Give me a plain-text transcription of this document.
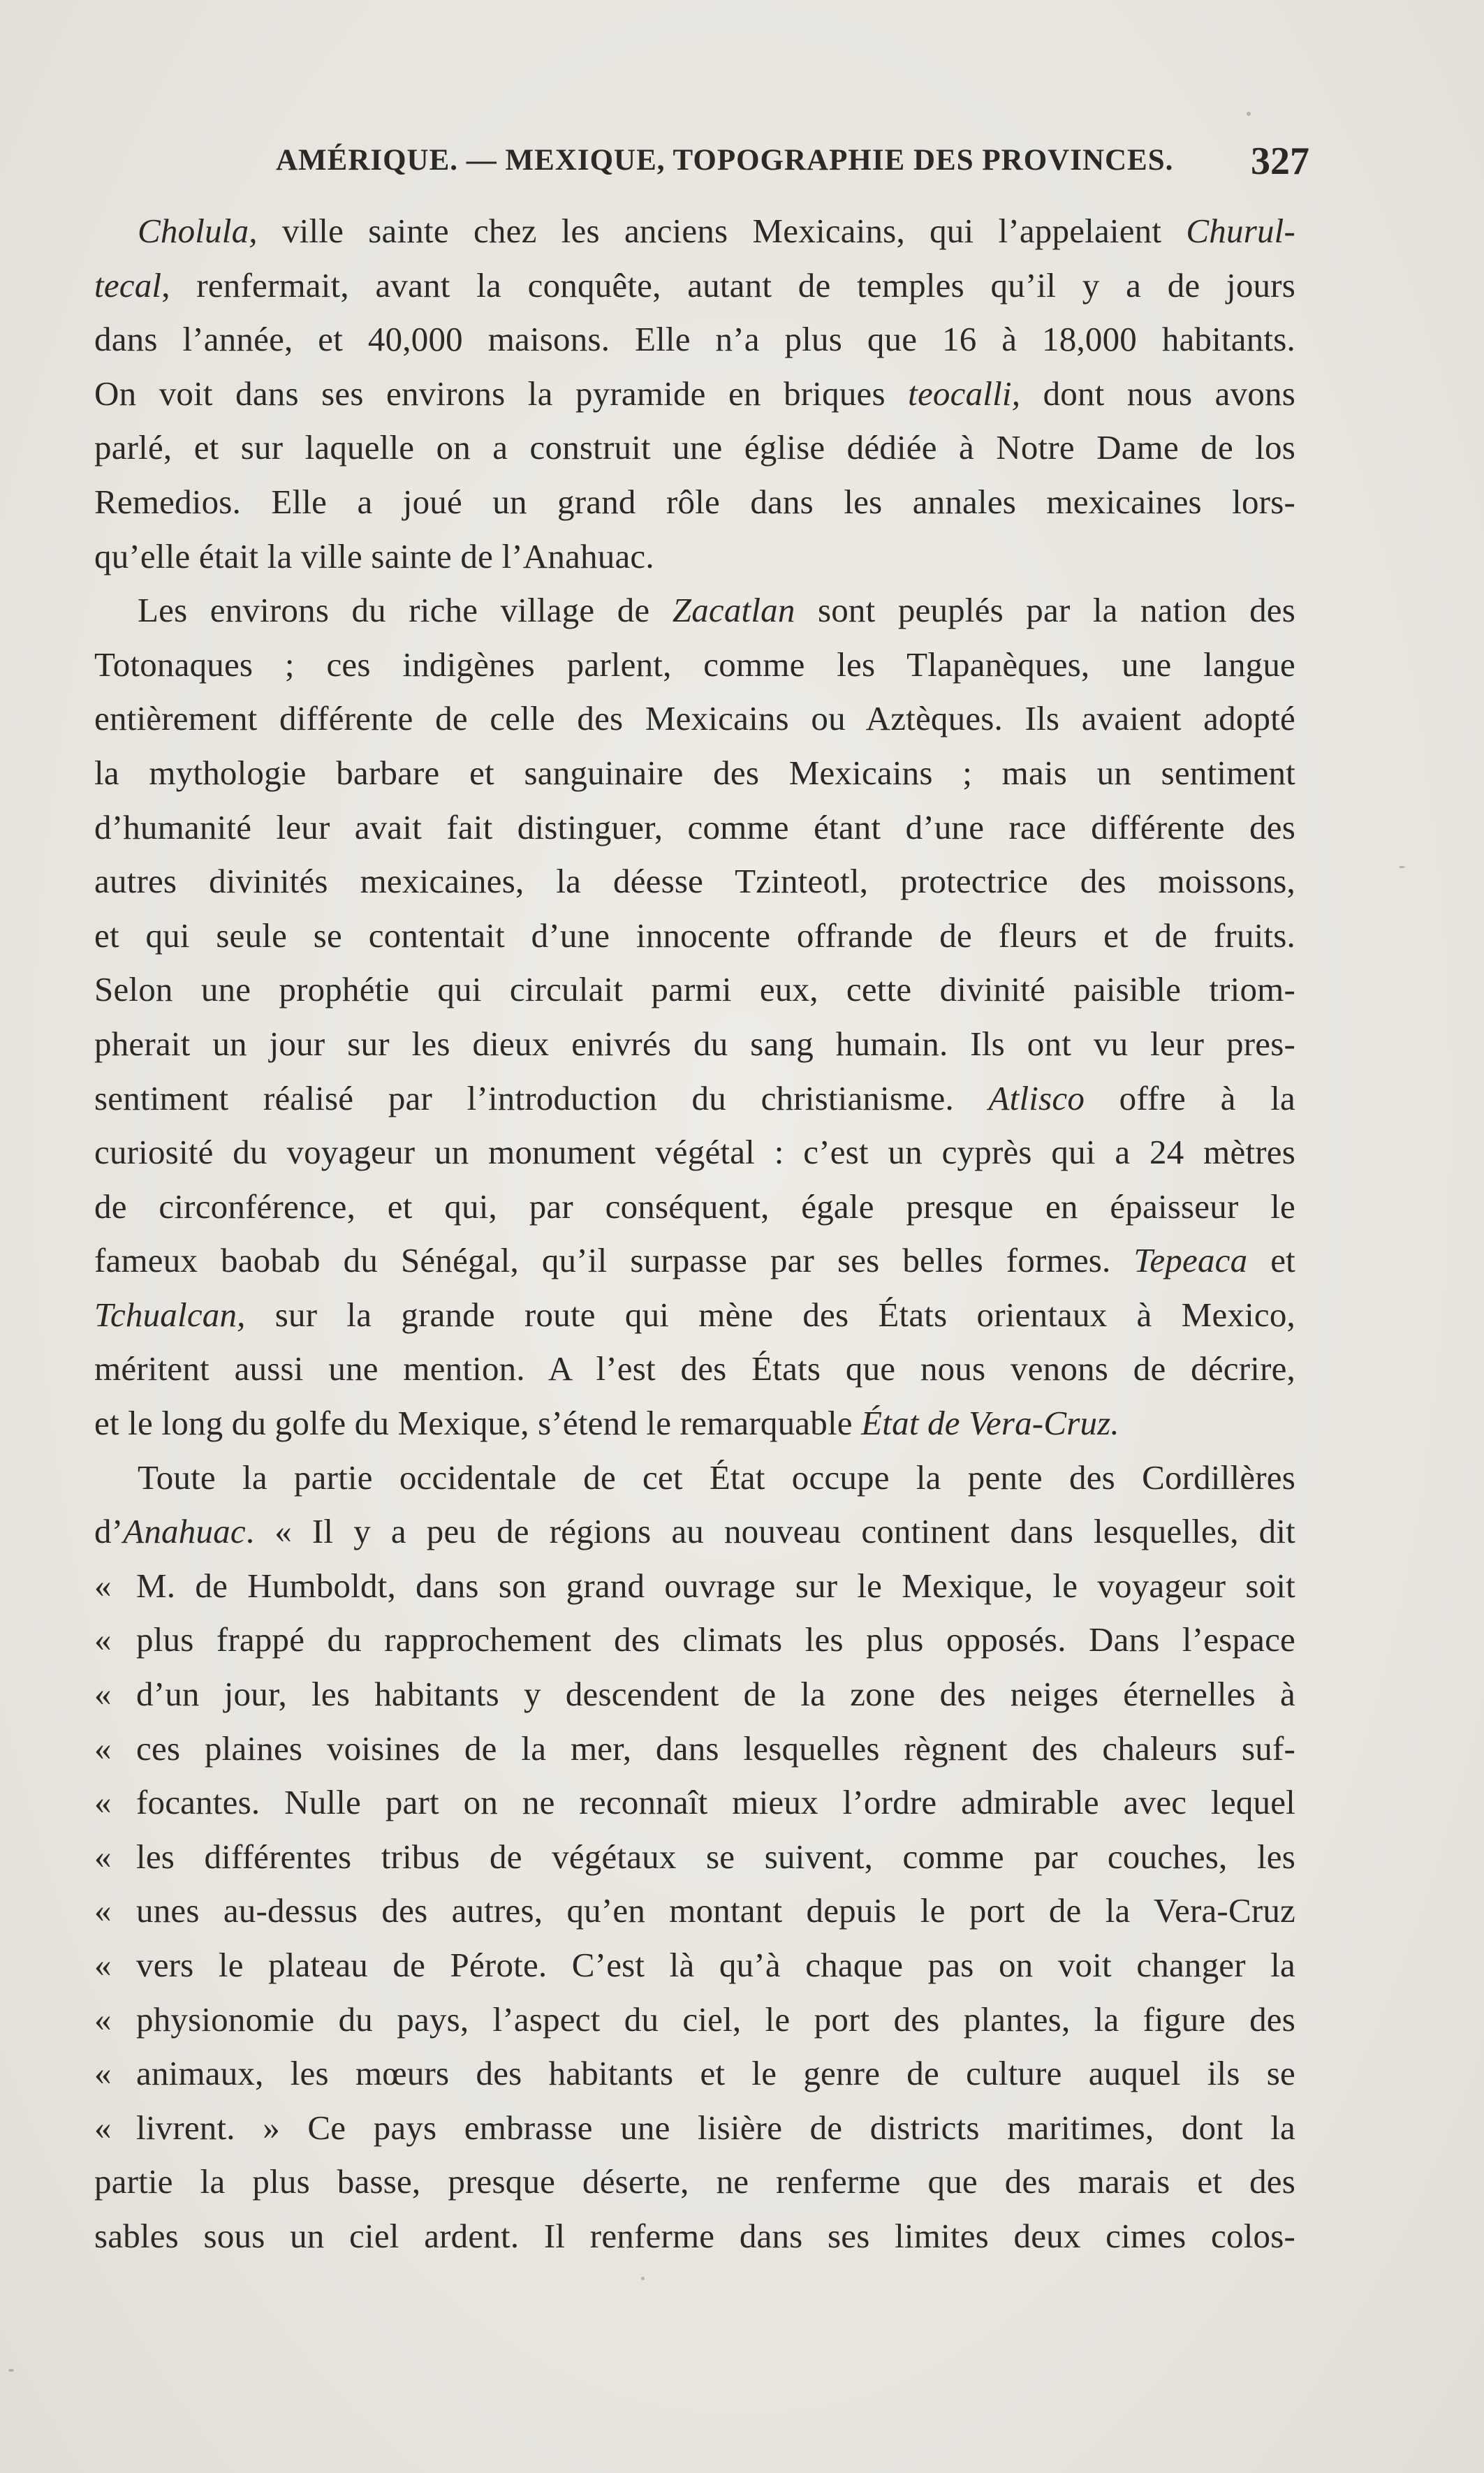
AMÉRIQUE. — MEXIQUE, TOPOGRAPHIE DES PROVINCES. 327
Cholula, ville sainte chez les anciens Mexicains, qui l’appelaient Churul-
tecal, renfermait, avant la conquête, autant de temples qu’il y a de jours
dans l’année, et 40,000 maisons. Elle n’a plus que 16 à 18,000 habitants.
On voit dans ses environs la pyramide en briques teocalli, dont nous avons
parlé, et sur laquelle on a construit une église dédiée à Notre Dame de los
Remedios. Elle a joué un grand rôle dans les annales mexicaines lors-
qu’elle était la ville sainte de l’Anahuac.
Les environs du riche village de Zacatlan sont peuplés par la nation des
Totonaques ; ces indigènes parlent, comme les Tlapanèques, une langue
entièrement différente de celle des Mexicains ou Aztèques. Ils avaient adopté
la mythologie barbare et sanguinaire des Mexicains ; mais un sentiment
d’humanité leur avait fait distinguer, comme étant d’une race différente des
autres divinités mexicaines, la déesse Tzinteotl, protectrice des moissons,
et qui seule se contentait d’une innocente offrande de fleurs et de fruits.
Selon une prophétie qui circulait parmi eux, cette divinité paisible triom-
pherait un jour sur les dieux enivrés du sang humain. Ils ont vu leur pres-
sentiment réalisé par l’introduction du christianisme. Atlisco offre à la
curiosité du voyageur un monument végétal : c’est un cyprès qui a 24 mètres
de circonférence, et qui, par conséquent, égale presque en épaisseur le
fameux baobab du Sénégal, qu’il surpasse par ses belles formes. Tepeaca et
Tchualcan, sur la grande route qui mène des États orientaux à Mexico,
méritent aussi une mention. A l’est des États que nous venons de décrire,
et le long du golfe du Mexique, s’étend le remarquable État de Vera-Cruz.
Toute la partie occidentale de cet État occupe la pente des Cordillères
d’Anahuac. « Il y a peu de régions au nouveau continent dans lesquelles, dit
« M. de Humboldt, dans son grand ouvrage sur le Mexique, le voyageur soit
« plus frappé du rapprochement des climats les plus opposés. Dans l’espace
« d’un jour, les habitants y descendent de la zone des neiges éternelles à
« ces plaines voisines de la mer, dans lesquelles règnent des chaleurs suf-
« focantes. Nulle part on ne reconnaît mieux l’ordre admirable avec lequel
« les différentes tribus de végétaux se suivent, comme par couches, les
« unes au-dessus des autres, qu’en montant depuis le port de la Vera-Cruz
« vers le plateau de Pérote. C’est là qu’à chaque pas on voit changer la
« physionomie du pays, l’aspect du ciel, le port des plantes, la figure des
« animaux, les mœurs des habitants et le genre de culture auquel ils se
« livrent. » Ce pays embrasse une lisière de districts maritimes, dont la
partie la plus basse, presque déserte, ne renferme que des marais et des
sables sous un ciel ardent. Il renferme dans ses limites deux cimes colos-
